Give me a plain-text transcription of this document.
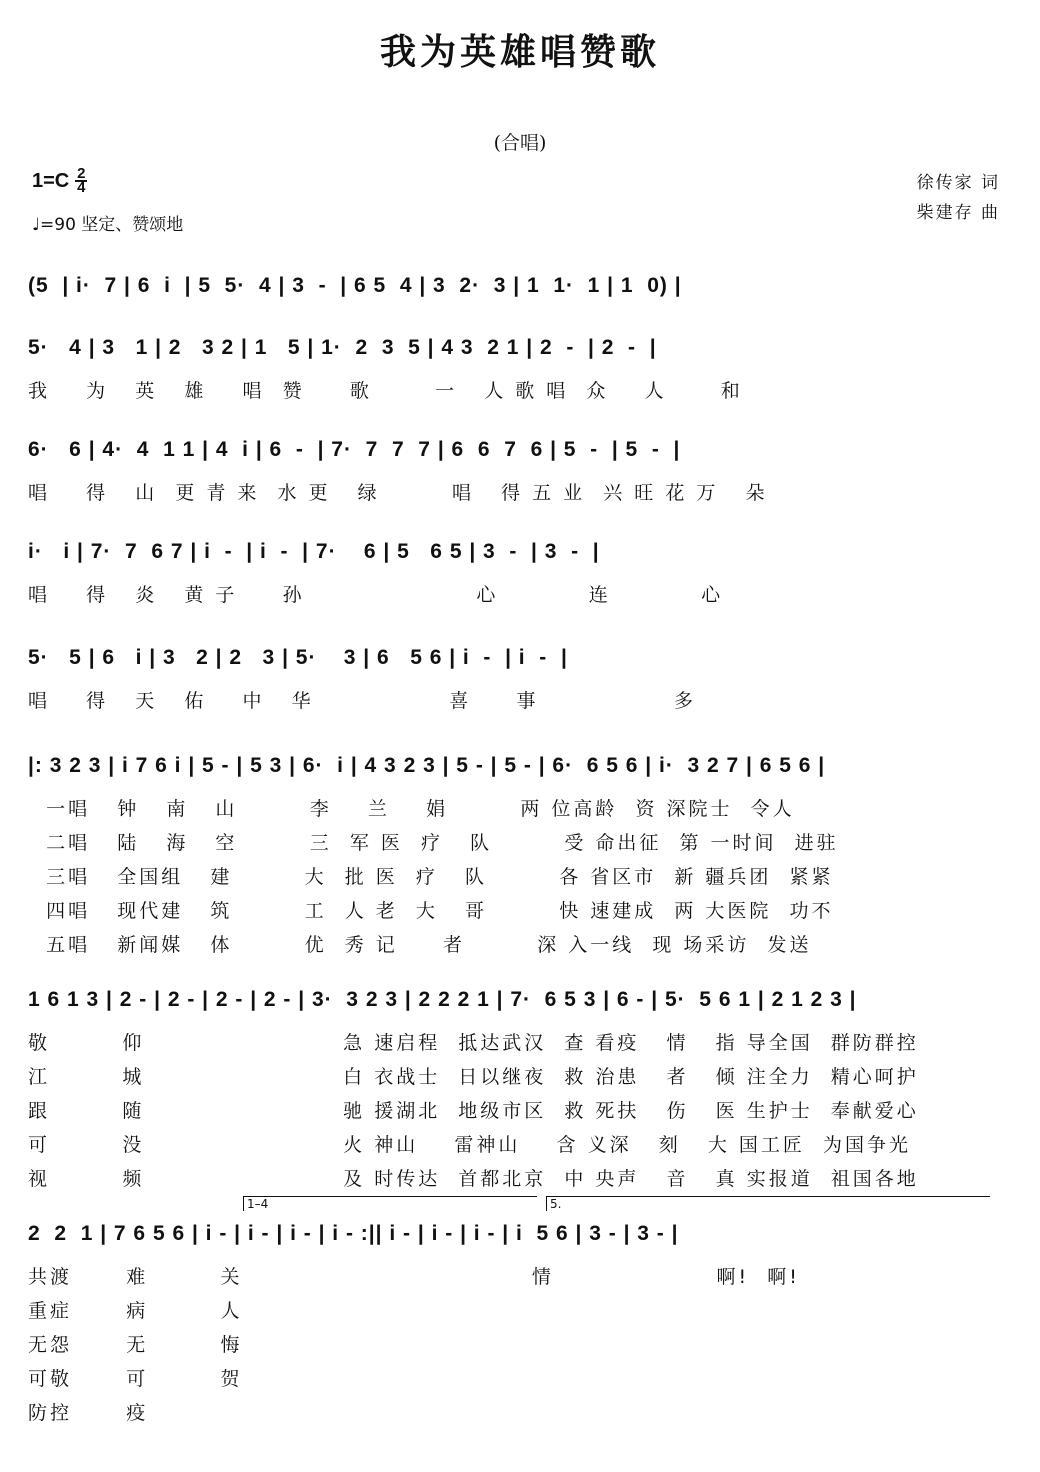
我为英雄唱赞歌
(合唱)
1=C 2
4
♩=90 坚定、赞颂地
徐传家 词
柴建存 曲
(5  | i·  7 | 6  i  | 5  5·  4 | 3  -  | 6 5  4 | 3  2·  3 | 1  1·  1 | 1  0) |
5·   4 | 3   1 | 2   3 2 | 1   5 | 1·  2  3  5 | 4 3  2 1 | 2  -  | 2  -  |
我    为   英   雄    唱  赞     歌       一   人 歌 唱  众    人      和
6·   6 | 4·  4  1 1 | 4  i | 6  -  | 7·  7  7  7 | 6  6  7  6 | 5  -  | 5  -  |
唱    得   山  更 青 来  水 更   绿        唱   得 五 业  兴 旺 花 万   朵
i·   i | 7·  7  6 7 | i  -  | i  -  | 7·    6 | 5   6 5 | 3  -  | 3  -  |
唱    得   炎   黄 子     孙                   心          连          心
5·   5 | 6   i | 3   2 | 2   3 | 5·    3 | 6   5 6 | i  -  | i  -  |
唱    得   天   佑    中   华               喜     事               多
|: 3 2 3 | i 7 6 i | 5 - | 5 3 | 6·  i | 4 3 2 3 | 5 - | 5 - | 6·  6 5 6 | i·  3 2 7 | 6 5 6 |
一唱   钟   南   山        李    兰    娟        两 位高龄  资 深院士  令人
二唱   陆   海   空        三  军 医  疗   队        受 命出征  第 一时间  进驻
三唱   全国组   建        大  批 医  疗   队        各 省区市  新 疆兵团  紧紧
四唱   现代建   筑        工  人 老  大   哥        快 速建成  两 大医院  功不
五唱   新闻媒   体        优  秀 记     者        深 入一线  现 场采访  发送
1 6 1 3 | 2 - | 2 - | 2 - | 2 - | 3·  3 2 3 | 2 2 2 1 | 7·  6 5 3 | 6 - | 5·  5 6 1 | 2 1 2 3 |
敬        仰                      急 速启程  抵达武汉  查 看疫   情   指 导全国  群防群控
江        城                      白 衣战士  日以继夜  救 治患   者   倾 注全力  精心呵护
跟        随                      驰 援湖北  地级市区  救 死扶   伤   医 生护士  奉献爱心
可        没                      火 神山    雷神山    含 义深   刻   大 国工匠  为国争光
视        频                      及 时传达  首都北京  中 央声   音   真 实报道  祖国各地
2  2  1 | 7 6 5 6 | i - | i - | i - | i - :|| i - | i - | i - | i  5 6 | 3 - | 3 - |
1–4	5.
共渡      难        关                                情                  啊!  啊!
重症      病        人
无怨      无        悔
可敬      可        贺
防控      疫
